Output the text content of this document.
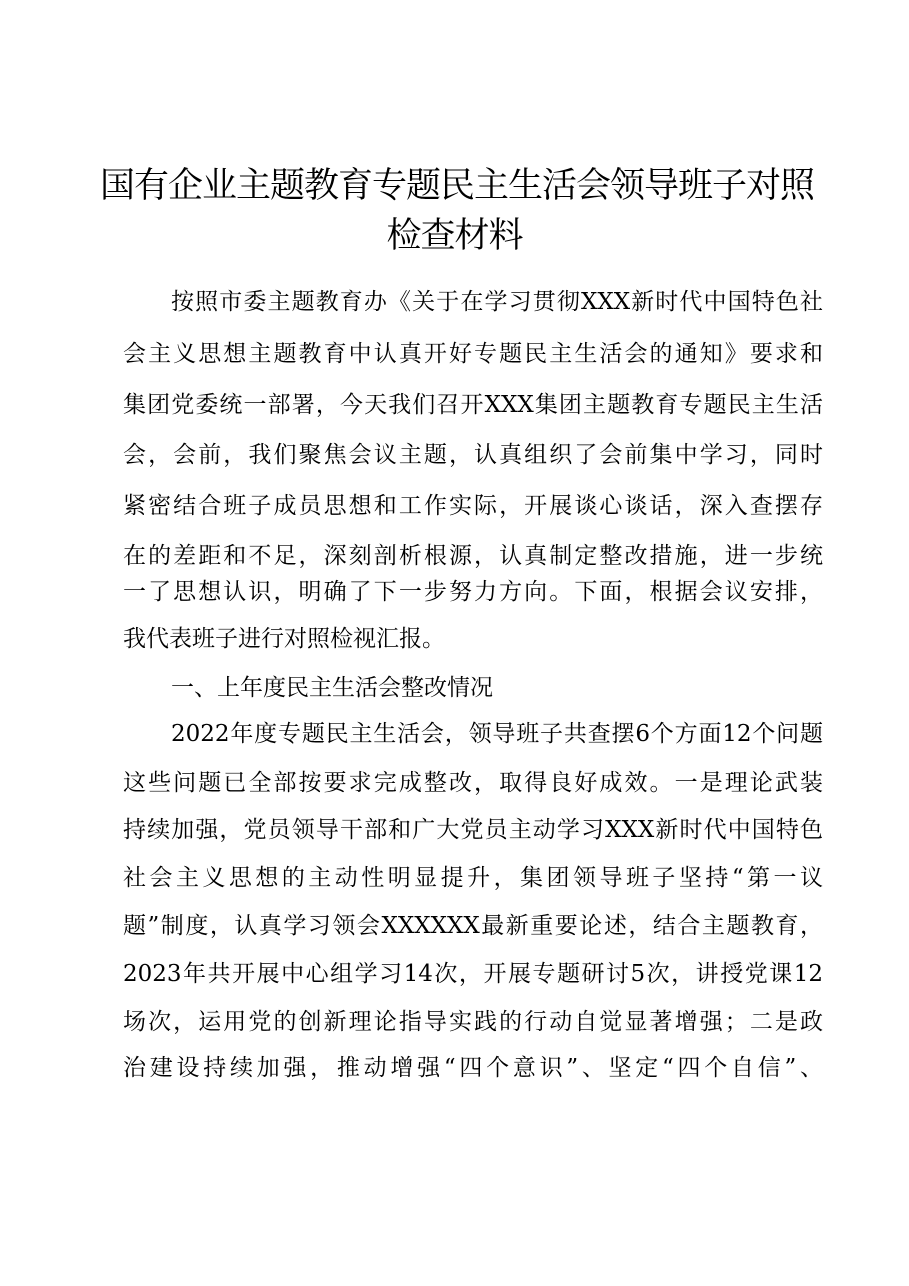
国有企业主题教育专题民主生活会领导班子对照
检查材料
按照市委主题教育办《关于在学习贯彻XXX新时代中国特色社
会主义思想主题教育中认真开好专题民主生活会的通知》要求和
集团党委统一部署，今天我们召开XXX集团主题教育专题民主生活
会，会前，我们聚焦会议主题，认真组织了会前集中学习，同时
紧密结合班子成员思想和工作实际，开展谈心谈话，深入查摆存
在的差距和不足，深刻剖析根源，认真制定整改措施，进一步统
一了思想认识，明确了下一步努力方向。下面，根据会议安排，
我代表班子进行对照检视汇报。
一、上年度民主生活会整改情况
2022年度专题民主生活会，领导班子共查摆6个方面12个问题
这些问题已全部按要求完成整改，取得良好成效。一是理论武装
持续加强，党员领导干部和广大党员主动学习XXX新时代中国特色
社会主义思想的主动性明显提升，集团领导班子坚持“第一议
题”制度，认真学习领会XXXXXX最新重要论述，结合主题教育，
2023年共开展中心组学习14次，开展专题研讨5次，讲授党课12
场次，运用党的创新理论指导实践的行动自觉显著增强；二是政
治建设持续加强，推动增强“四个意识”、坚定“四个自信”、
